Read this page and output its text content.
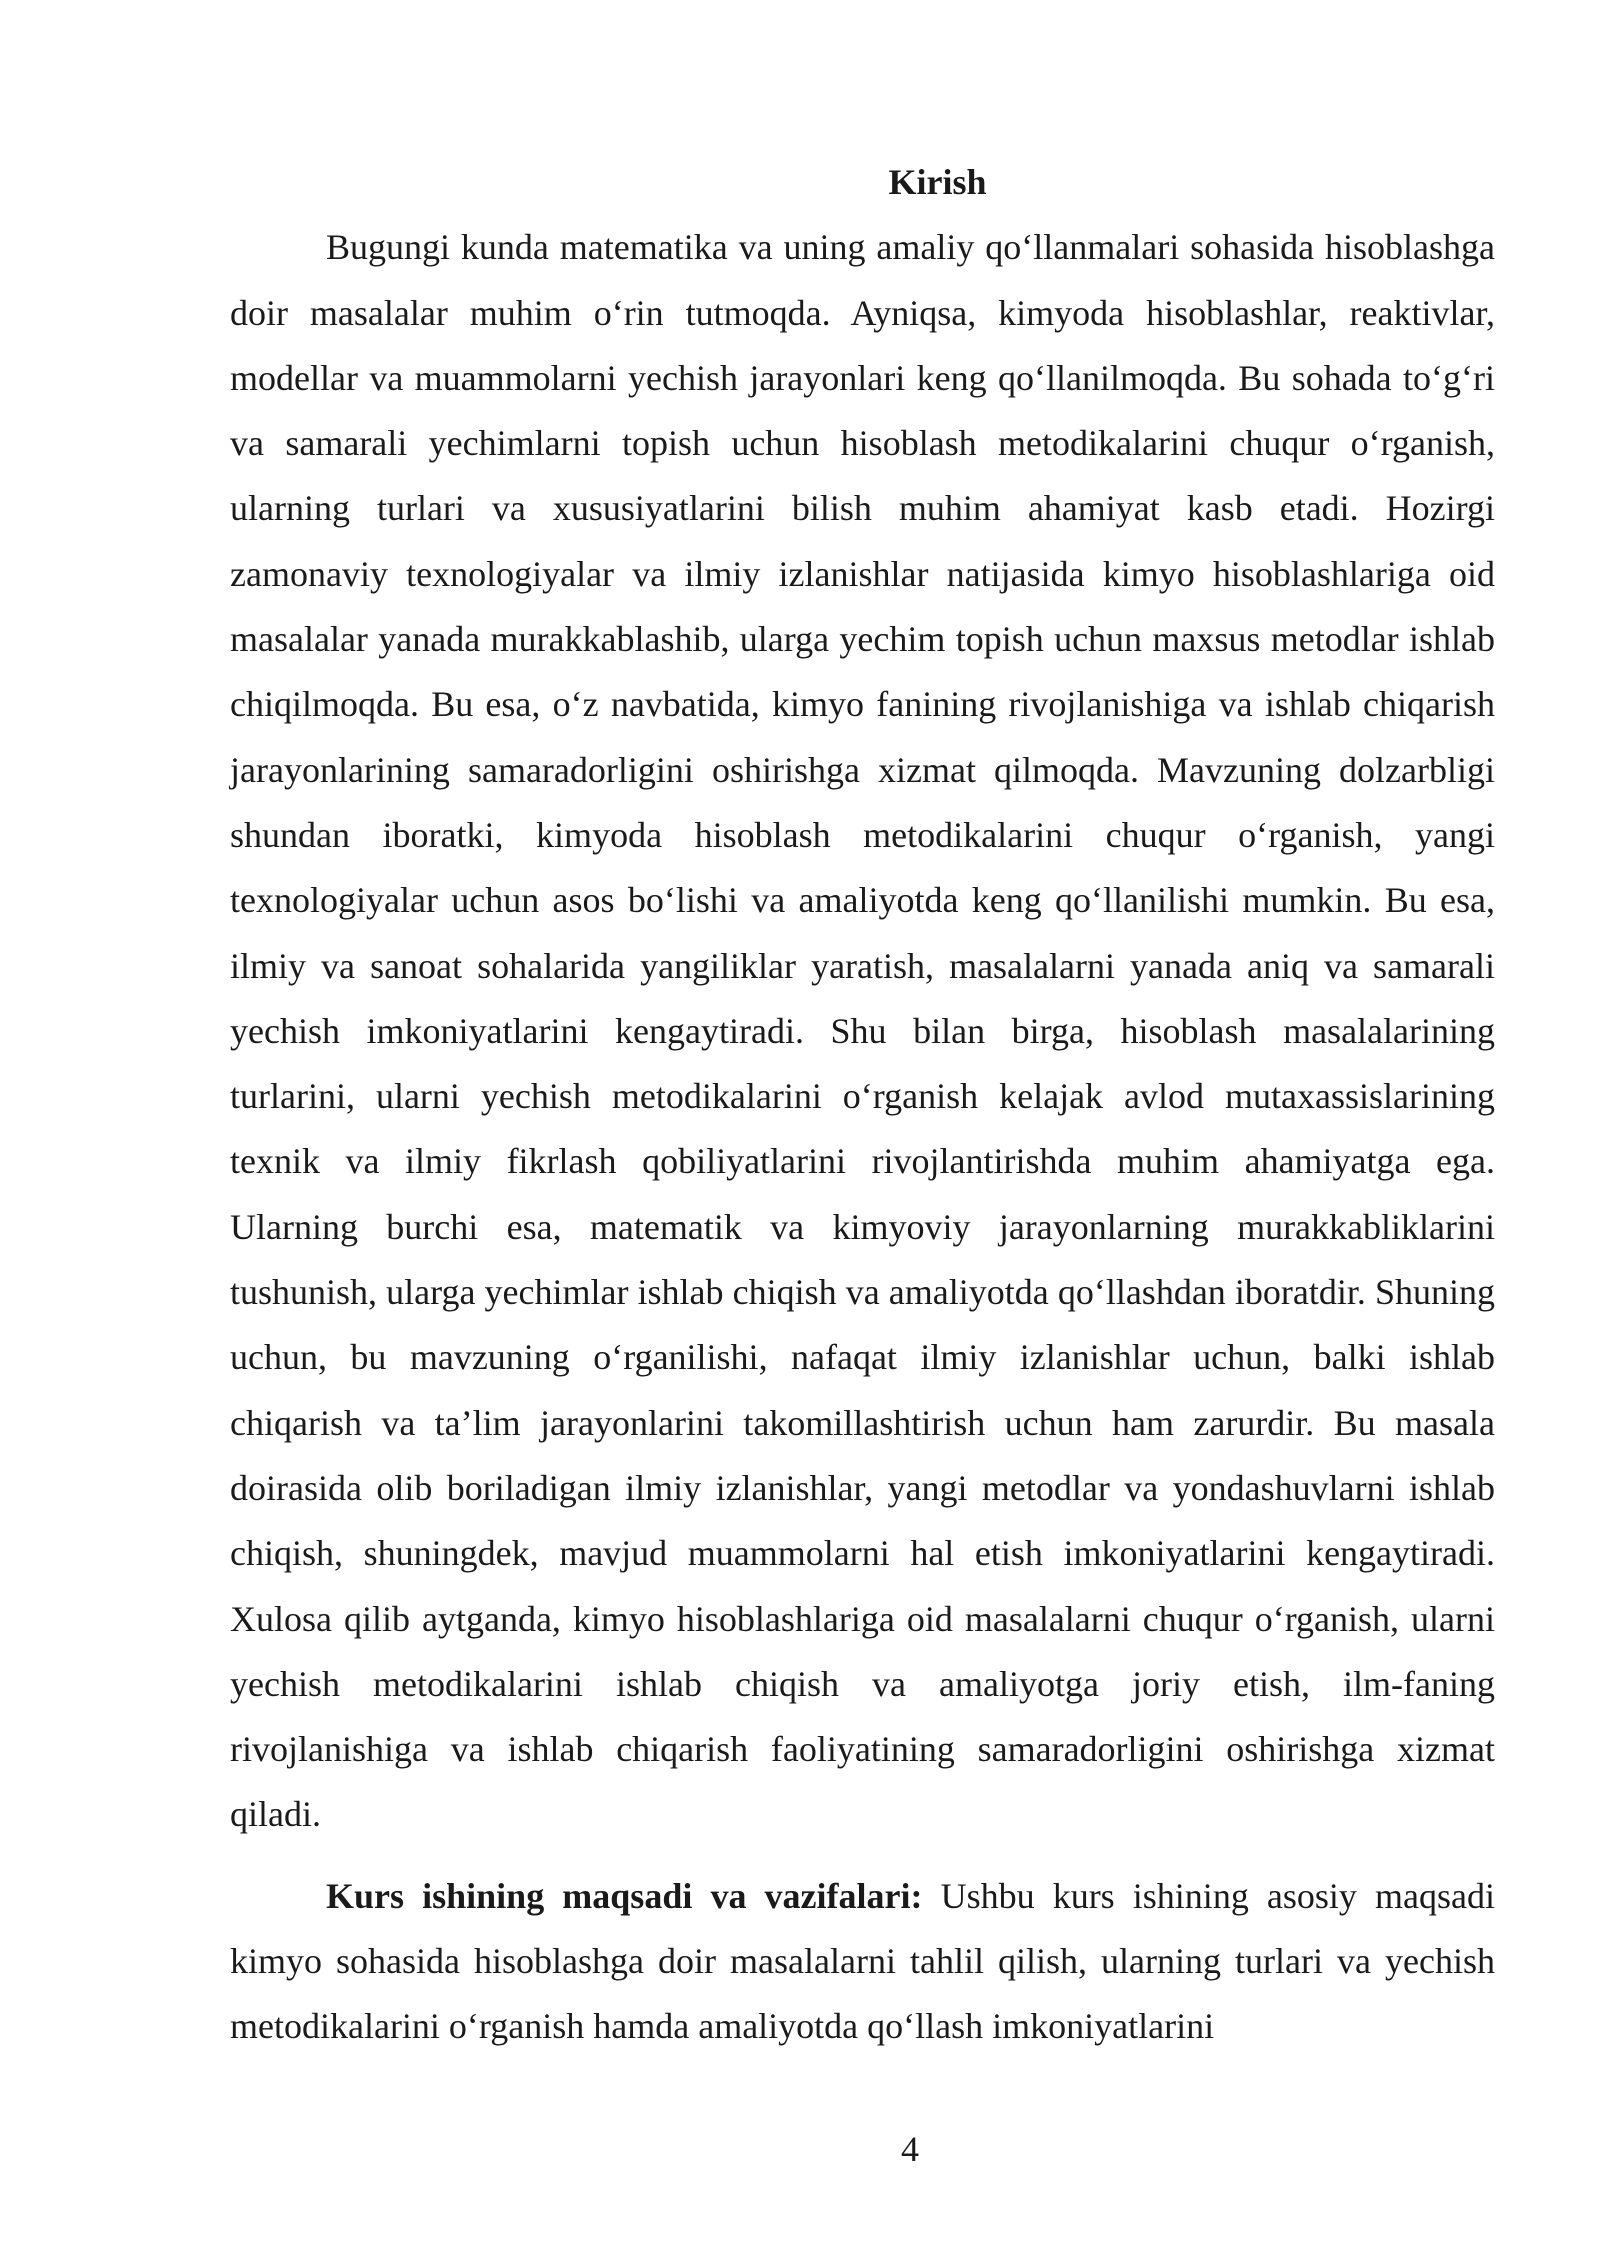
Kirish

Bugungi kunda matematika va uning amaliy qo‘llanmalari sohasida hisoblashga doir masalalar muhim o‘rin tutmoqda. Ayniqsa, kimyoda hisoblashlar, reaktivlar, modellar va muammolarni yechish jarayonlari keng qo‘llanilmoqda. Bu sohada to‘g‘ri va samarali yechimlarni topish uchun hisoblash metodikalarini chuqur o‘rganish, ularning turlari va xususiyatlarini bilish muhim ahamiyat kasb etadi. Hozirgi zamonaviy texnologiyalar va ilmiy izlanishlar natijasida kimyo hisoblashlariga oid masalalar yanada murakkablashib, ularga yechim topish uchun maxsus metodlar ishlab chiqilmoqda. Bu esa, o‘z navbatida, kimyo fanining rivojlanishiga va ishlab chiqarish jarayonlarining samaradorligini oshirishga xizmat qilmoqda. Mavzuning dolzarbligi shundan iboratki, kimyoda hisoblash metodikalarini chuqur o‘rganish, yangi texnologiyalar uchun asos bo‘lishi va amaliyotda keng qo‘llanilishi mumkin. Bu esa, ilmiy va sanoat sohalarida yangiliklar yaratish, masalalarni yanada aniq va samarali yechish imkoniyatlarini kengaytiradi. Shu bilan birga, hisoblash masalalarining turlarini, ularni yechish metodikalarini o‘rganish kelajak avlod mutaxassislarining texnik va ilmiy fikrlash qobiliyatlarini rivojlantirishda muhim ahamiyatga ega. Ularning burchi esa, matematik va kimyoviy jarayonlarning murakkabliklarini tushunish, ularga yechimlar ishlab chiqish va amaliyotda qo‘llashdan iboratdir. Shuning uchun, bu mavzuning o‘rganilishi, nafaqat ilmiy izlanishlar uchun, balki ishlab chiqarish va ta’lim jarayonlarini takomillashtirish uchun ham zarurdir. Bu masala doirasida olib boriladigan ilmiy izlanishlar, yangi metodlar va yondashuvlarni ishlab chiqish, shuningdek, mavjud muammolarni hal etish imkoniyatlarini kengaytiradi. Xulosa qilib aytganda, kimyo hisoblashlariga oid masalalarni chuqur o‘rganish, ularni yechish metodikalarini ishlab chiqish va amaliyotga joriy etish, ilm-faning rivojlanishiga va ishlab chiqarish faoliyatining samaradorligini oshirishga xizmat qiladi.

Kurs ishining maqsadi va vazifalari: Ushbu kurs ishining asosiy maqsadi kimyo sohasida hisoblashga doir masalalarni tahlil qilish, ularning turlari va yechish metodikalarini o‘rganish hamda amaliyotda qo‘llash imkoniyatlarini

4
